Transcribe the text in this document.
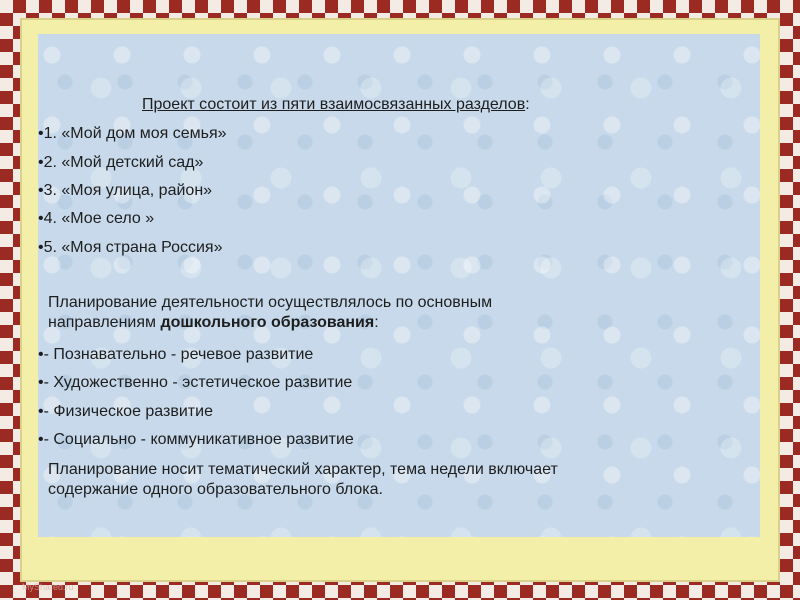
Проект состоит из пяти взаимосвязанных разделов:
•1. «Мой дом моя семья»
•2. «Мой детский сад»
•3. «Моя улица, район»
•4. «Мое село »
•5. «Моя страна Россия»
Планирование деятельности осуществлялось по основным
направлениям дошкольного образования:
•- Познавательно - речевое развитие
•- Художественно - эстетическое развитие
•- Физическое развитие
•- Социально - коммуникативное развитие
Планирование носит тематический характер, тема недели включает
содержание одного образовательного блока.
MyShared.ru
